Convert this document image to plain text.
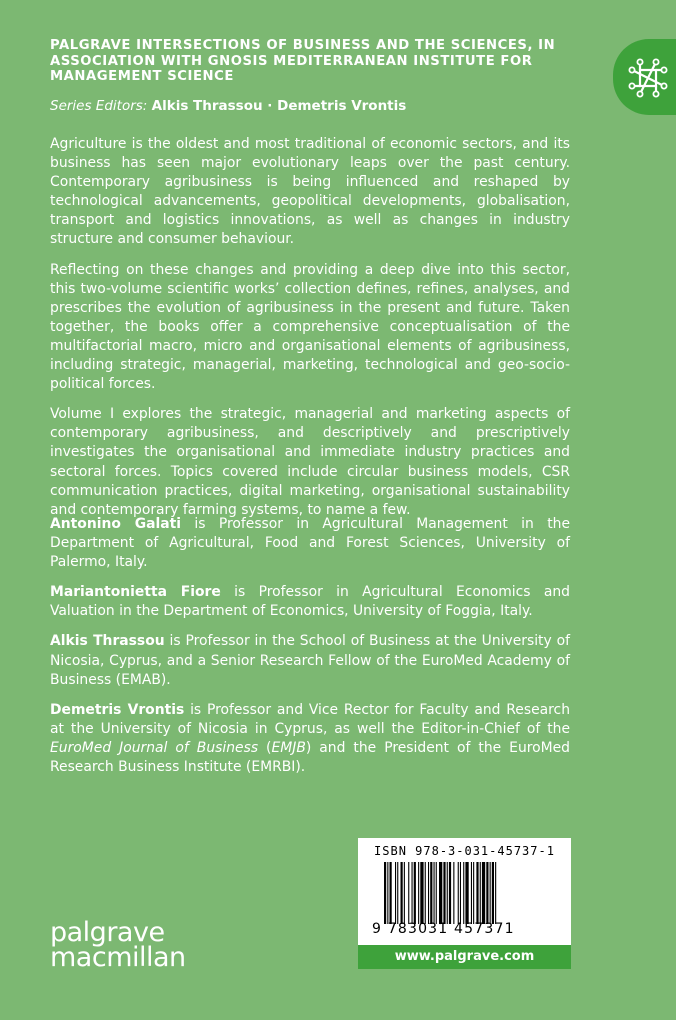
PALGRAVE INTERSECTIONS OF BUSINESS AND THE SCIENCES, IN ASSOCIATION WITH GNOSIS MEDITERRANEAN INSTITUTE FOR MANAGEMENT SCIENCE
Series Editors: Alkis Thrassou · Demetris Vrontis

Agriculture is the oldest and most traditional of economic sectors, and its business has seen major evolutionary leaps over the past century. Contemporary agribusiness is being influenced and reshaped by technological advancements, geopolitical developments, globalisation, transport and logistics innovations, as well as changes in industry structure and consumer behaviour.

Reflecting on these changes and providing a deep dive into this sector, this two-volume scientific works’ collection defines, refines, analyses, and prescribes the evolution of agribusiness in the present and future. Taken together, the books offer a comprehensive conceptualisation of the multifactorial macro, micro and organisational elements of agribusiness, including strategic, managerial, marketing, technological and geo-socio-political forces.

Volume I explores the strategic, managerial and marketing aspects of contemporary agribusiness, and descriptively and prescriptively investigates the organisational and immediate industry practices and sectoral forces. Topics covered include circular business models, CSR communication practices, digital marketing, organisational sustainability and contemporary farming systems, to name a few.

Antonino Galati is Professor in Agricultural Management in the Department of Agricultural, Food and Forest Sciences, University of Palermo, Italy.

Mariantonietta Fiore is Professor in Agricultural Economics and Valuation in the Department of Economics, University of Foggia, Italy.

Alkis Thrassou is Professor in the School of Business at the University of Nicosia, Cyprus, and a Senior Research Fellow of the EuroMed Academy of Business (EMAB).

Demetris Vrontis is Professor and Vice Rector for Faculty and Research at the University of Nicosia in Cyprus, as well the Editor-in-Chief of the EuroMed Journal of Business (EMJB) and the President of the EuroMed Research Business Institute (EMRBI).

palgrave
macmillan
ISBN 978-3-031-45737-1
9 783031 457371
www.palgrave.com
